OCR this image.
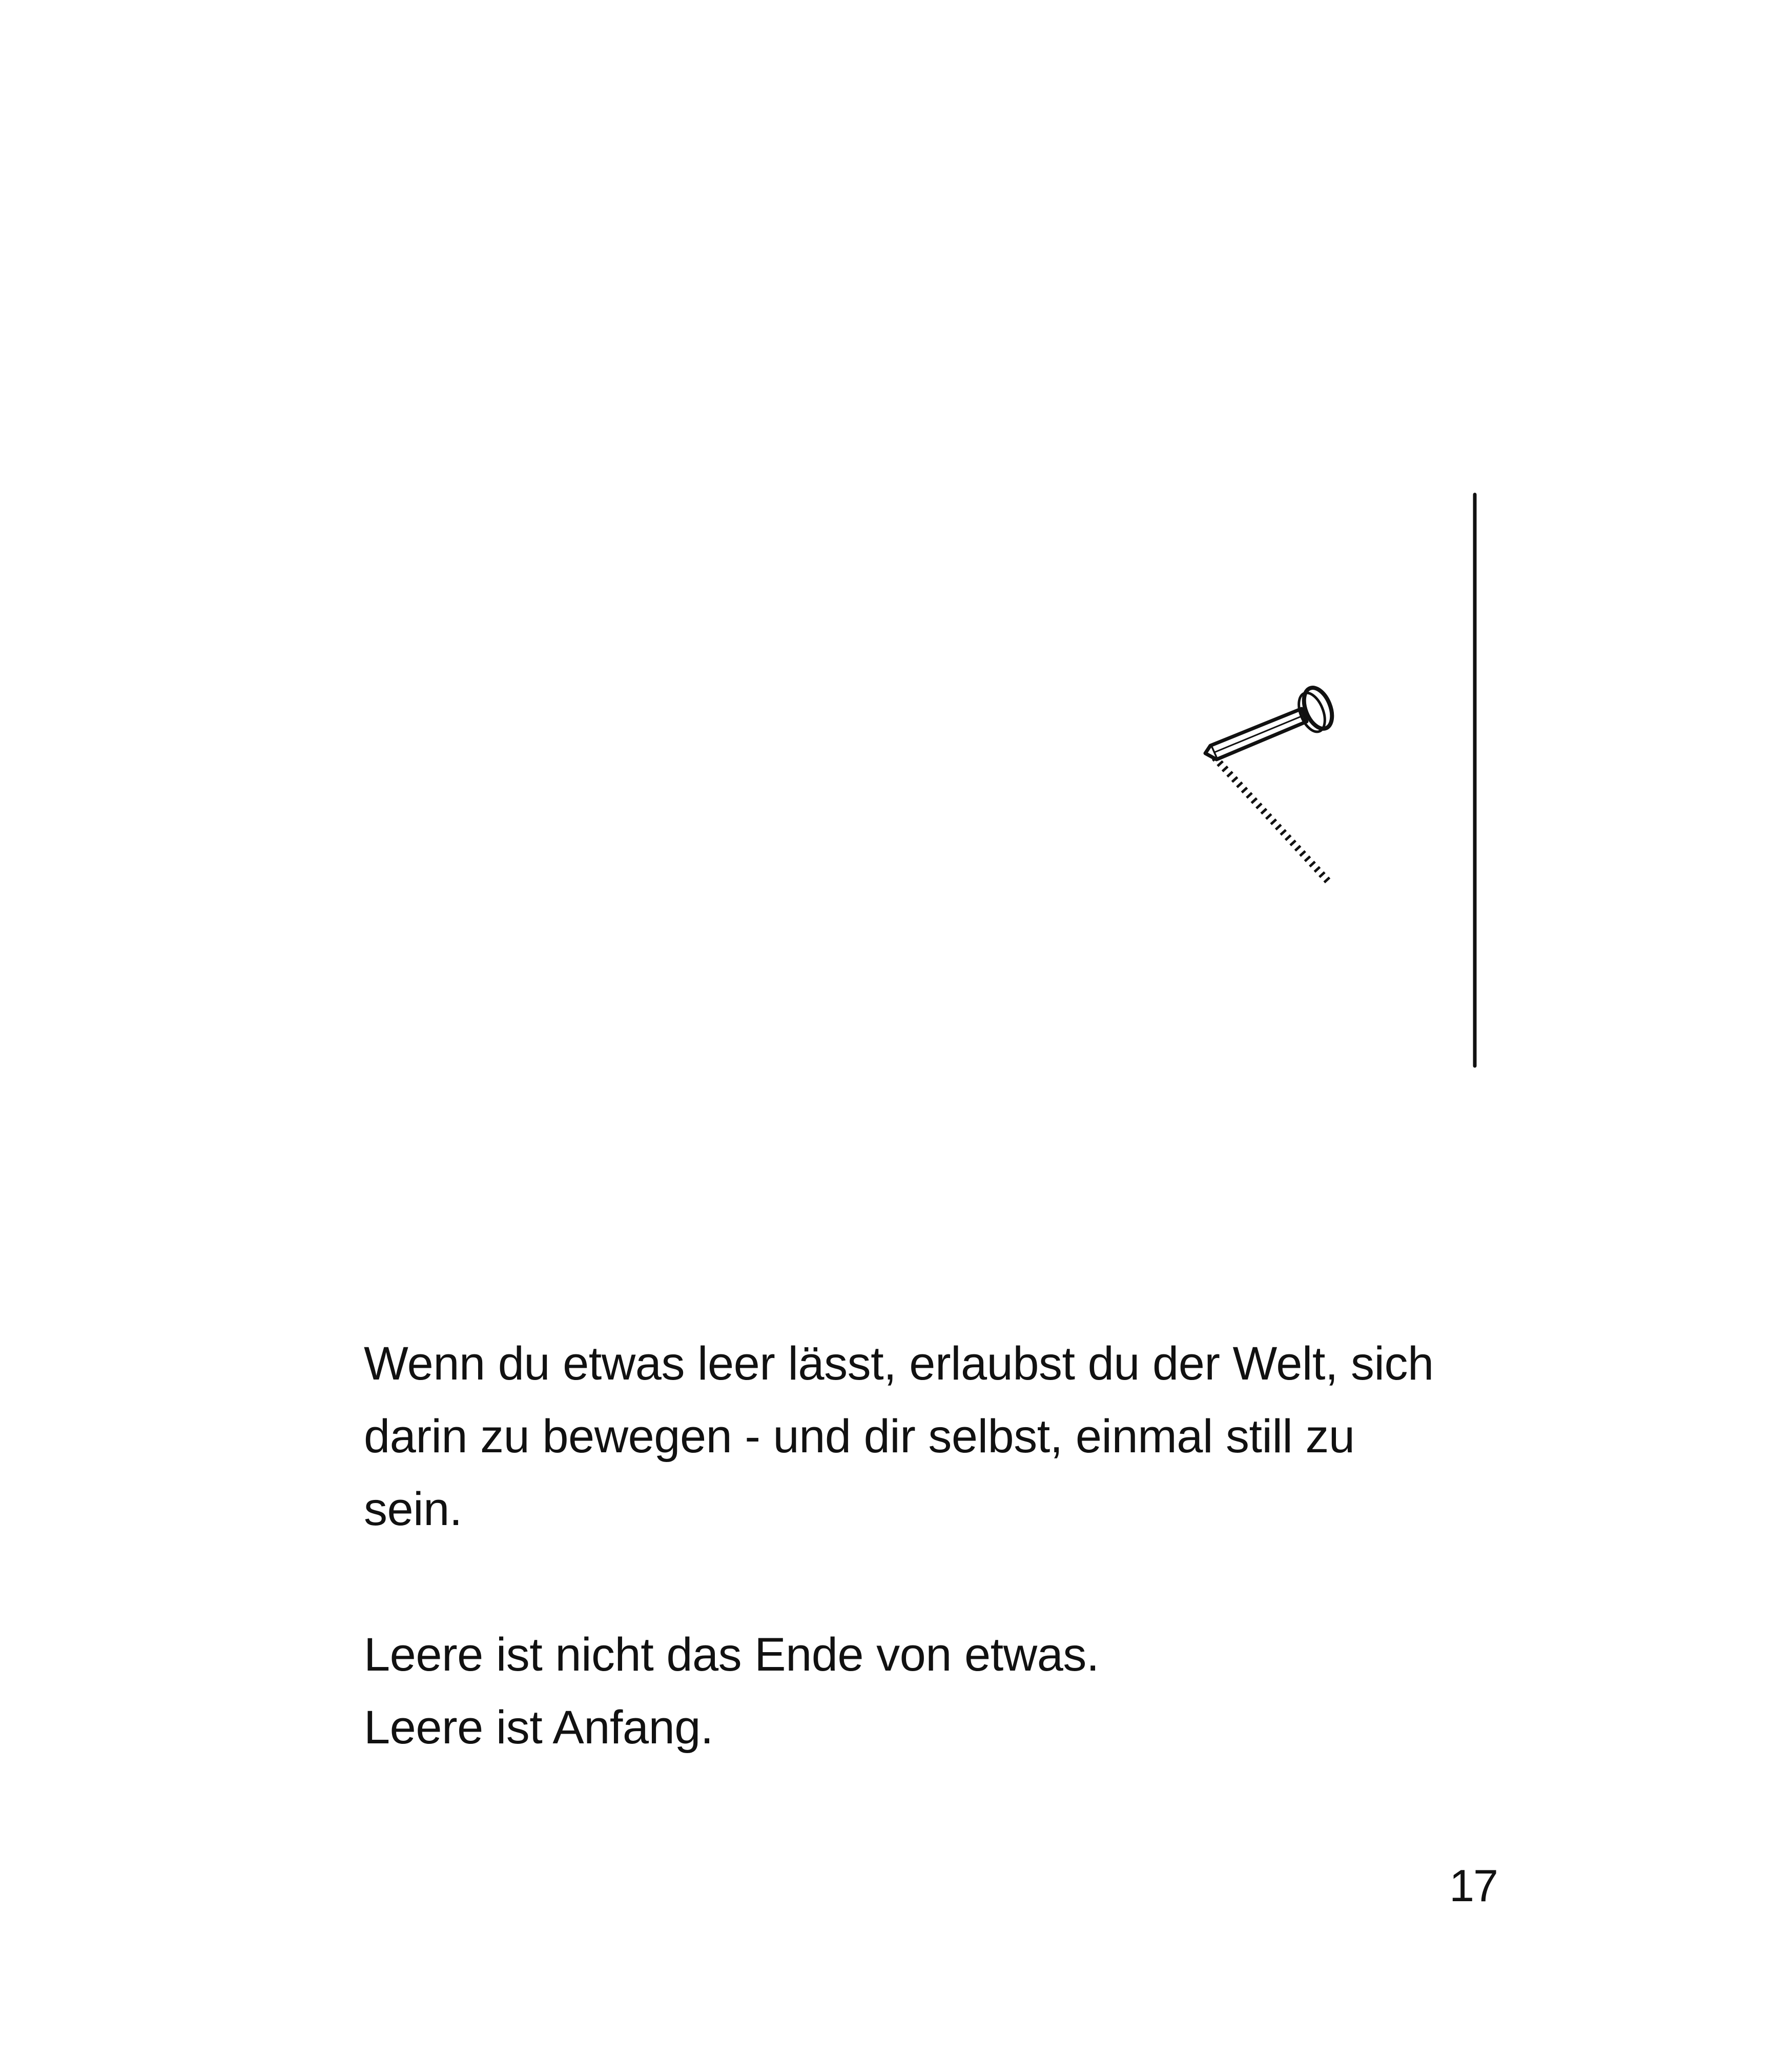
Wenn du etwas leer lässt, erlaubst du der Welt, sich
darin zu bewegen - und dir selbst, einmal still zu
sein.

Leere ist nicht das Ende von etwas.
Leere ist Anfang.

17
